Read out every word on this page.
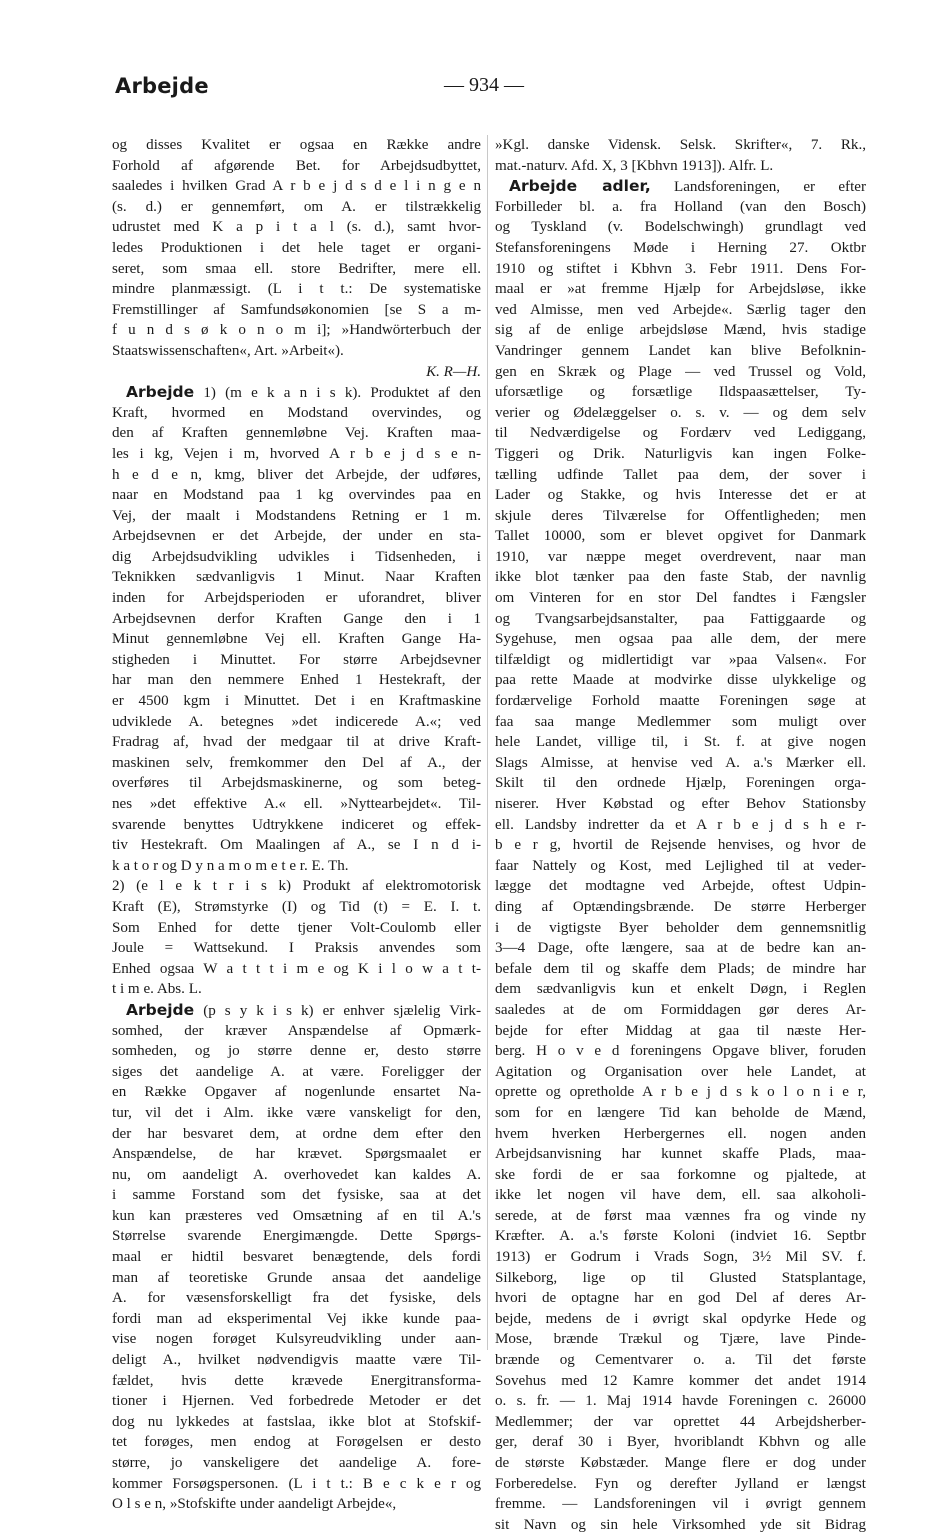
Arbejde	— 934 —
og disses Kvalitet er ogsaa en Række andre
Forhold af afgørende Bet. for Arbejdsudbyttet,
saaledes i hvilken Grad A r b e j d s d e l i n g e n
(s. d.) er gennemført, om A. er tilstrækkelig
udrustet med K a p i t a l (s. d.), samt hvor-
ledes Produktionen i det hele taget er organi-
seret, som smaa ell. store Bedrifter, mere ell.
mindre planmæssigt. (L i t t.: De systematiske
Fremstillinger af Samfundsøkonomien [se S a m-
f u n d s ø k o n o m i]; »Handwörterbuch der
Staatswissenschaften«, Art. »Arbeit«).
K. R—H.
Arbejde 1) (m e k a n i s k). Produktet af den
Kraft, hvormed en Modstand overvindes, og
den af Kraften gennemløbne Vej. Kraften maa-
les i kg, Vejen i m, hvorved A r b e j d s e n-
h e d e n, kmg, bliver det Arbejde, der udføres,
naar en Modstand paa 1 kg overvindes paa en
Vej, der maalt i Modstandens Retning er 1 m.
Arbejdsevnen er det Arbejde, der under en sta-
dig Arbejdsudvikling udvikles i Tidsenheden, i
Teknikken sædvanligvis 1 Minut. Naar Kraften
inden for Arbejdsperioden er uforandret, bliver
Arbejdsevnen derfor Kraften Gange den i 1
Minut gennemløbne Vej ell. Kraften Gange Ha-
stigheden i Minuttet. For større Arbejdsevner
har man den nemmere Enhed 1 Hestekraft, der
er 4500 kgm i Minuttet. Det i en Kraftmaskine
udviklede A. betegnes »det indicerede A.«; ved
Fradrag af, hvad der medgaar til at drive Kraft-
maskinen selv, fremkommer den Del af A., der
overføres til Arbejdsmaskinerne, og som beteg-
nes »det effektive A.« ell. »Nyttearbejdet«. Til-
svarende benyttes Udtrykkene indiceret og effek-
tiv Hestekraft. Om Maalingen af A., se I n d i-
k a t o r og D y n a m o m e t e r. E. Th.
2) (e l e k t r i s k) Produkt af elektromotorisk
Kraft (E), Strømstyrke (I) og Tid (t) = E. I. t.
Som Enhed for dette tjener Volt-Coulomb eller
Joule = Wattsekund. I Praksis anvendes som
Enhed ogsaa W a t t t i m e og K i l o w a t t-
t i m e. Abs. L.
Arbejde (p s y k i s k) er enhver sjælelig Virk-
somhed, der kræver Anspændelse af Opmærk-
somheden, og jo større denne er, desto større
siges det aandelige A. at være. Foreligger der
en Række Opgaver af nogenlunde ensartet Na-
tur, vil det i Alm. ikke være vanskeligt for den,
der har besvaret dem, at ordne dem efter den
Anspændelse, de har krævet. Spørgsmaalet er
nu, om aandeligt A. overhovedet kan kaldes A.
i samme Forstand som det fysiske, saa at det
kun kan præsteres ved Omsætning af en til A.'s
Størrelse svarende Energimængde. Dette Spørgs-
maal er hidtil besvaret benægtende, dels fordi
man af teoretiske Grunde ansaa det aandelige
A. for væsensforskelligt fra det fysiske, dels
fordi man ad eksperimental Vej ikke kunde paa-
vise nogen forøget Kulsyreudvikling under aan-
deligt A., hvilket nødvendigvis maatte være Til-
fældet, hvis dette krævede Energitransforma-
tioner i Hjernen. Ved forbedrede Metoder er det
dog nu lykkedes at fastslaa, ikke blot at Stofskif-
tet forøges, men endog at Forøgelsen er desto
større, jo vanskeligere det aandelige A. fore-
kommer Forsøgspersonen. (L i t t.: B e c k e r og
O l s e n, »Stofskifte under aandeligt Arbejde«,
»Kgl. danske Vidensk. Selsk. Skrifter«, 7. Rk.,
mat.-naturv. Afd. X, 3 [Kbhvn 1913]). Alfr. L.
Arbejde adler, Landsforeningen, er efter
Forbilleder bl. a. fra Holland (van den Bosch)
og Tyskland (v. Bodelschwingh) grundlagt ved
Stefansforeningens Møde i Herning 27. Oktbr
1910 og stiftet i Kbhvn 3. Febr 1911. Dens For-
maal er »at fremme Hjælp for Arbejdsløse, ikke
ved Almisse, men ved Arbejde«. Særlig tager den
sig af de enlige arbejdsløse Mænd, hvis stadige
Vandringer gennem Landet kan blive Befolknin-
gen en Skræk og Plage — ved Trussel og Vold,
uforsætlige og forsætlige Ildspaasættelser, Ty-
verier og Ødelæggelser o. s. v. — og dem selv
til Nedværdigelse og Fordærv ved Lediggang,
Tiggeri og Drik. Naturligvis kan ingen Folke-
tælling udfinde Tallet paa dem, der sover i
Lader og Stakke, og hvis Interesse det er at
skjule deres Tilværelse for Offentligheden; men
Tallet 10000, som er blevet opgivet for Danmark
1910, var næppe meget overdrevent, naar man
ikke blot tænker paa den faste Stab, der navnlig
om Vinteren for en stor Del fandtes i Fængsler
og Tvangsarbejdsanstalter, paa Fattiggaarde og
Sygehuse, men ogsaa paa alle dem, der mere
tilfældigt og midlertidigt var »paa Valsen«. For
paa rette Maade at modvirke disse ulykkelige og
fordærvelige Forhold maatte Foreningen søge at
faa saa mange Medlemmer som muligt over
hele Landet, villige til, i St. f. at give nogen
Slags Almisse, at henvise ved A. a.'s Mærker ell.
Skilt til den ordnede Hjælp, Foreningen orga-
niserer. Hver Købstad og efter Behov Stationsby
ell. Landsby indretter da et A r b e j d s h e r-
b e r g, hvortil de Rejsende henvises, og hvor de
faar Nattely og Kost, med Lejlighed til at veder-
lægge det modtagne ved Arbejde, oftest Udpin-
ding af Optændingsbrænde. De større Herberger
i de vigtigste Byer beholder dem gennemsnitlig
3—4 Dage, ofte længere, saa at de bedre kan an-
befale dem til og skaffe dem Plads; de mindre har
dem sædvanligvis kun et enkelt Døgn, i Reglen
saaledes at de om Formiddagen gør deres Ar-
bejde for efter Middag at gaa til næste Her-
berg. H o v e d foreningens Opgave bliver, foruden
Agitation og Organisation over hele Landet, at
oprette og opretholde A r b e j d s k o l o n i e r,
som for en længere Tid kan beholde de Mænd,
hvem hverken Herbergernes ell. nogen anden
Arbejdsanvisning har kunnet skaffe Plads, maa-
ske fordi de er saa forkomne og pjaltede, at
ikke let nogen vil have dem, ell. saa alkoholi-
serede, at de først maa vænnes fra og vinde ny
Kræfter. A. a.'s første Koloni (indviet 16. Septbr
1913) er Godrum i Vrads Sogn, 3½ Mil SV. f.
Silkeborg, lige op til Glusted Statsplantage,
hvori de optagne har en god Del af deres Ar-
bejde, medens de i øvrigt skal opdyrke Hede og
Mose, brænde Trækul og Tjære, lave Pinde-
brænde og Cementvarer o. a. Til det første
Sovehus med 12 Kamre kommer det andet 1914
o. s. fr. — 1. Maj 1914 havde Foreningen c. 26000
Medlemmer; der var oprettet 44 Arbejdsherber-
ger, deraf 30 i Byer, hvoriblandt Kbhvn og alle
de største Købstæder. Mange flere er dog under
Forberedelse. Fyn og derefter Jylland er længst
fremme. — Landsforeningen vil i øvrigt gennem
sit Navn og sin hele Virksomhed yde sit Bidrag
